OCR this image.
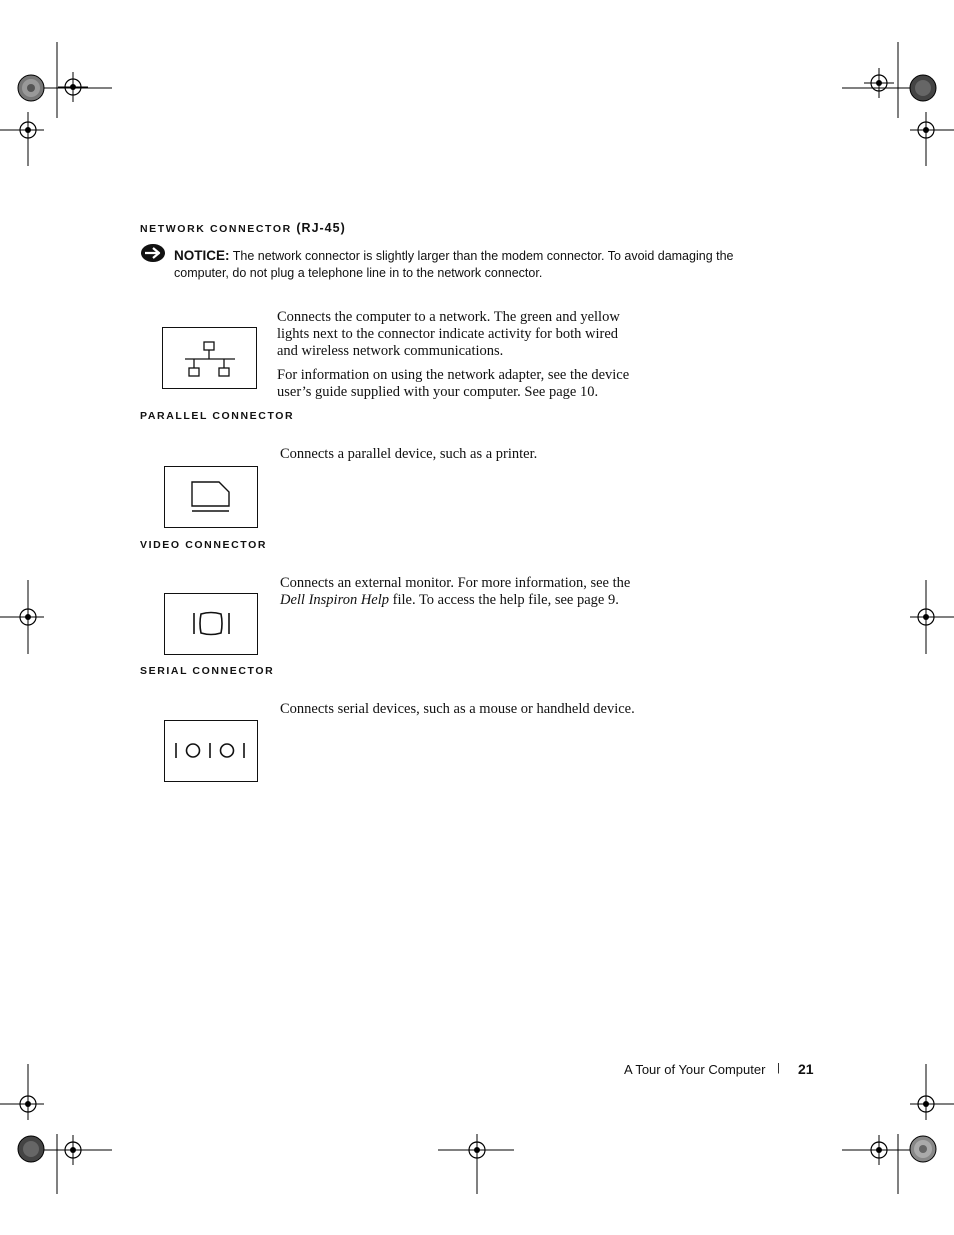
NETWORK CONNECTOR (RJ-45)
NOTICE: The network connector is slightly larger than the modem connector. To avoid damaging the computer, do not plug a telephone line in to the network connector.
Connects the computer to a network. The green and yellow lights next to the connector indicate activity for both wired and wireless network communications.
For information on using the network adapter, see the device user’s guide supplied with your computer. See page 10.
PARALLEL CONNECTOR
Connects a parallel device, such as a printer.
VIDEO CONNECTOR
Connects an external monitor. For more information, see the Dell Inspiron Help file. To access the help file, see page 9.
SERIAL CONNECTOR
Connects serial devices, such as a mouse or handheld device.
A Tour of Your Computer | 21
